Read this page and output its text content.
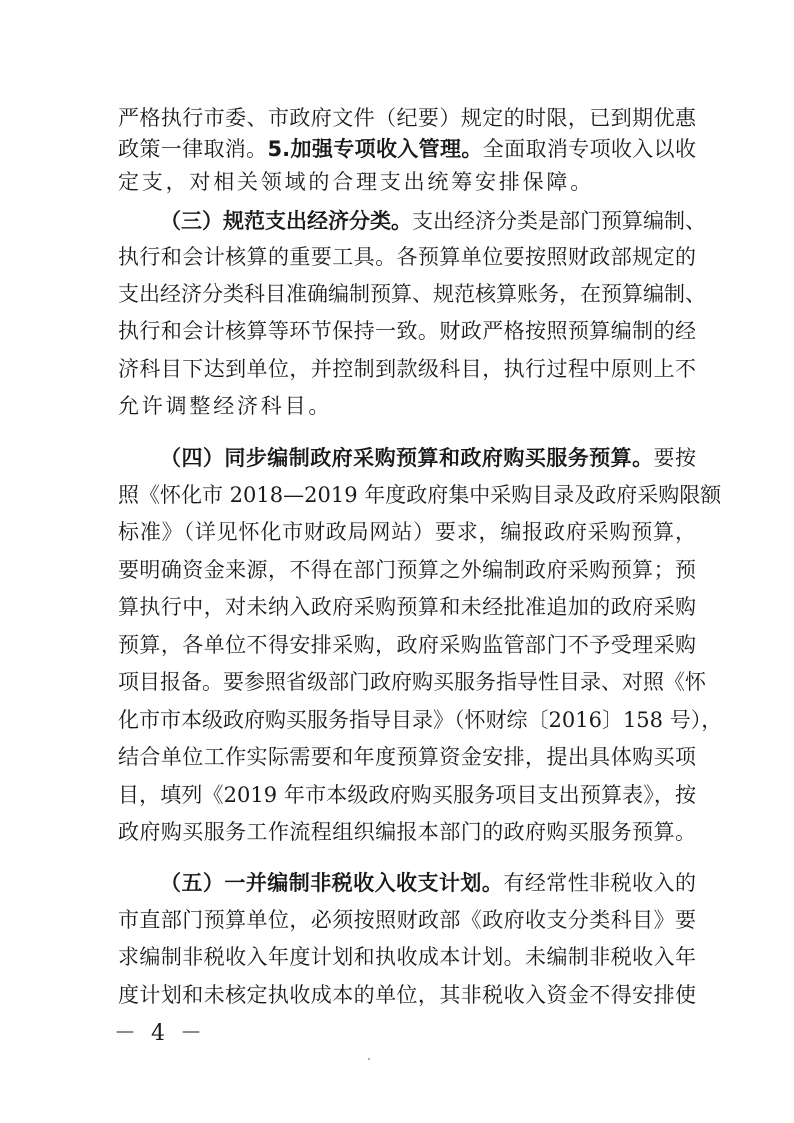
严格执行市委、市政府文件（纪要）规定的时限，已到期优惠
政策一律取消。5.加强专项收入管理。全面取消专项收入以收
定支，对相关领域的合理支出统筹安排保障。
（三）规范支出经济分类。支出经济分类是部门预算编制、
执行和会计核算的重要工具。各预算单位要按照财政部规定的
支出经济分类科目准确编制预算、规范核算账务，在预算编制、
执行和会计核算等环节保持一致。财政严格按照预算编制的经
济科目下达到单位，并控制到款级科目，执行过程中原则上不
允许调整经济科目。
（四）同步编制政府采购预算和政府购买服务预算。要按
照《怀化市 2018—2019 年度政府集中采购目录及政府采购限额
标准》（详见怀化市财政局网站）要求，编报政府采购预算，
要明确资金来源，不得在部门预算之外编制政府采购预算；预
算执行中，对未纳入政府采购预算和未经批准追加的政府采购
预算，各单位不得安排采购，政府采购监管部门不予受理采购
项目报备。要参照省级部门政府购买服务指导性目录、对照《怀
化市市本级政府购买服务指导目录》（怀财综〔2016〕158 号），
结合单位工作实际需要和年度预算资金安排，提出具体购买项
目，填列《2019 年市本级政府购买服务项目支出预算表》，按
政府购买服务工作流程组织编报本部门的政府购买服务预算。
（五）一并编制非税收入收支计划。有经常性非税收入的
市直部门预算单位，必须按照财政部《政府收支分类科目》要
求编制非税收入年度计划和执收成本计划。未编制非税收入年
度计划和未核定执收成本的单位，其非税收入资金不得安排使
－ 4 －
